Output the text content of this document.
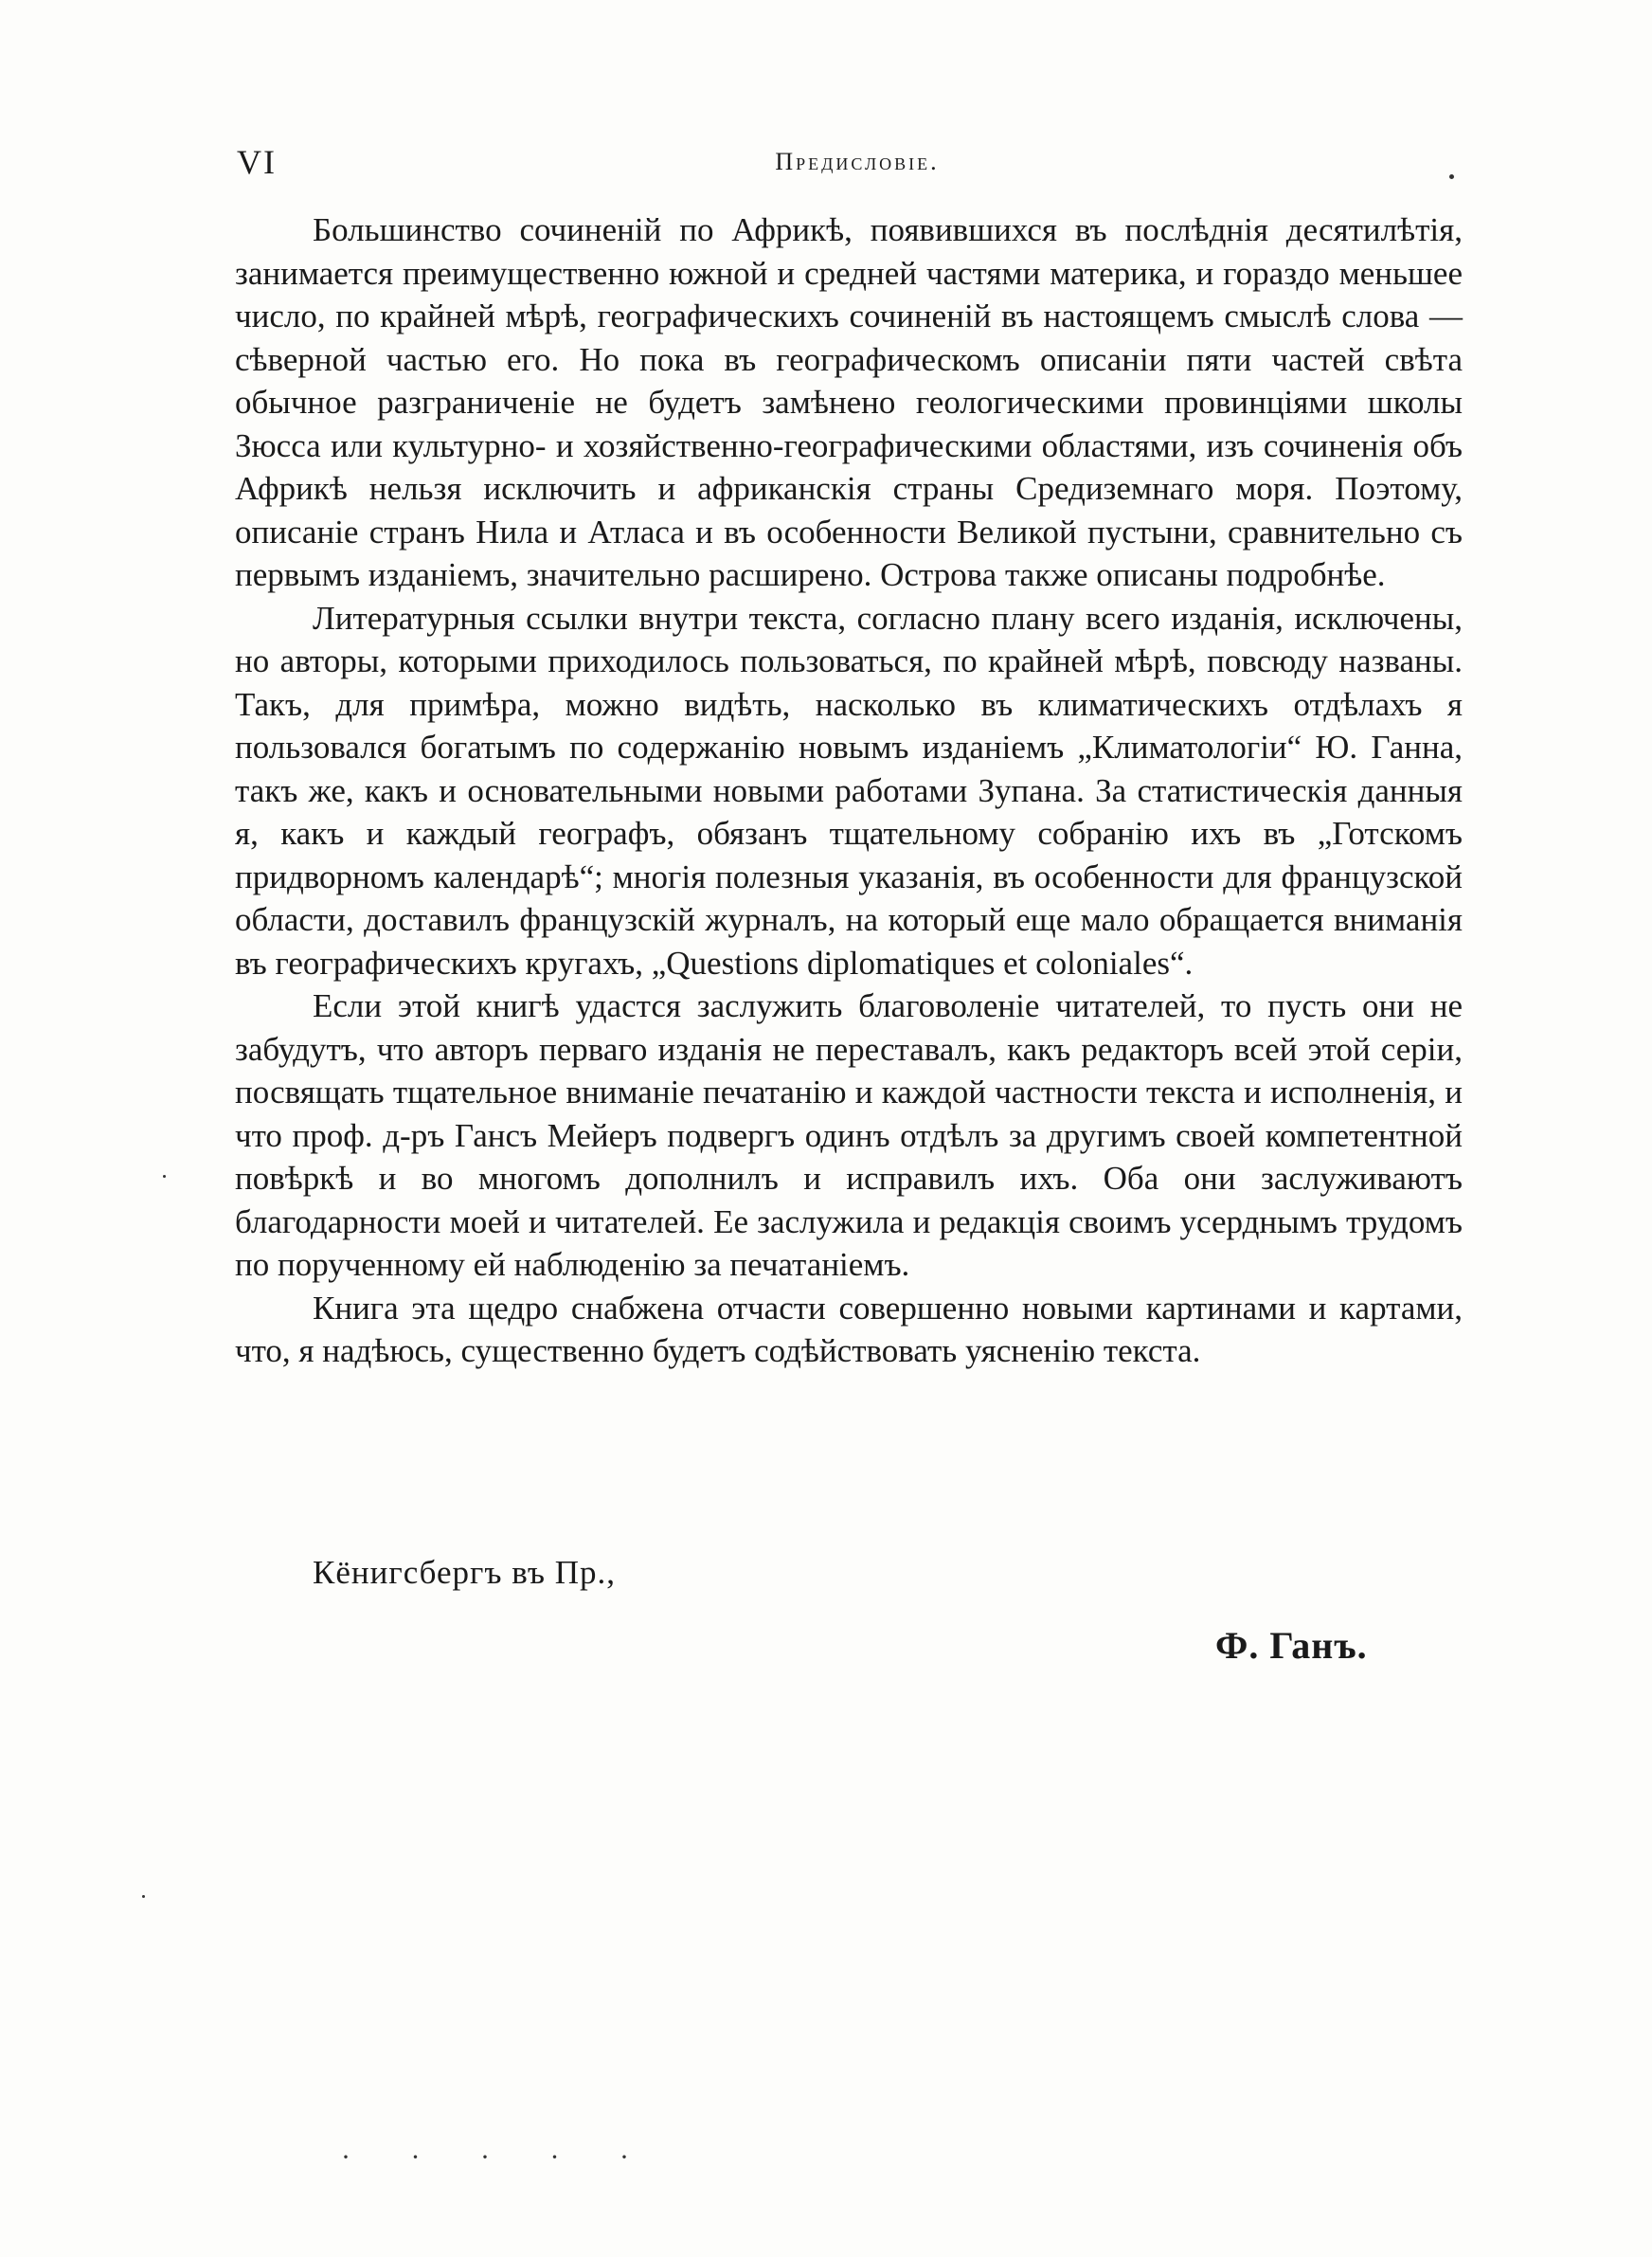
VI	Предисловіе.

Большинство сочиненій по Африкѣ, появившихся въ послѣднія десятилѣтія, занимается преимущественно южной и средней частями материка, и гораздо меньшее число, по крайней мѣрѣ, географическихъ сочиненій въ настоящемъ смыслѣ слова — сѣверной частью его. Но пока въ географическомъ описаніи пяти частей свѣта обычное разграниченіе не будетъ замѣнено геологическими провинціями школы Зюсса или культурно- и хозяйственно-географическими областями, изъ сочиненія объ Африкѣ нельзя исключить и африканскія страны Средиземнаго моря. Поэтому, описаніе странъ Нила и Атласа и въ особенности Великой пустыни, сравнительно съ первымъ изданіемъ, значительно расширено. Острова также описаны подробнѣе.

Литературныя ссылки внутри текста, согласно плану всего изданія, исключены, но авторы, которыми приходилось пользоваться, по крайней мѣрѣ, повсюду названы. Такъ, для примѣра, можно видѣть, насколько въ климатическихъ отдѣлахъ я пользовался богатымъ по содержанію новымъ изданіемъ „Климатологіи“ Ю. Ганна, такъ же, какъ и основательными новыми работами Зупана. За статистическія данныя я, какъ и каждый географъ, обязанъ тщательному собранію ихъ въ „Готскомъ придворномъ календарѣ“; многія полезныя указанія, въ особенности для французской области, доставилъ французскій журналъ, на который еще мало обращается вниманія въ географическихъ кругахъ, „Questions diplomatiques et coloniales“.

Если этой книгѣ удастся заслужить благоволеніе читателей, то пусть они не забудутъ, что авторъ перваго изданія не переставалъ, какъ редакторъ всей этой серіи, посвящать тщательное вниманіе печатанію и каждой частности текста и исполненія, и что проф. д-ръ Гансъ Мейеръ подвергъ одинъ отдѣлъ за другимъ своей компетентной повѣркѣ и во многомъ дополнилъ и исправилъ ихъ. Оба они заслуживаютъ благодарности моей и читателей. Ее заслужила и редакція своимъ усерднымъ трудомъ по порученному ей наблюденію за печатаніемъ.

Книга эта щедро снабжена отчасти совершенно новыми картинами и картами, что, я надѣюсь, существенно будетъ содѣйствовать уясненію текста.

Кёнигсбергъ въ Пр.,
Ф. Ганъ.
· · · · ·
